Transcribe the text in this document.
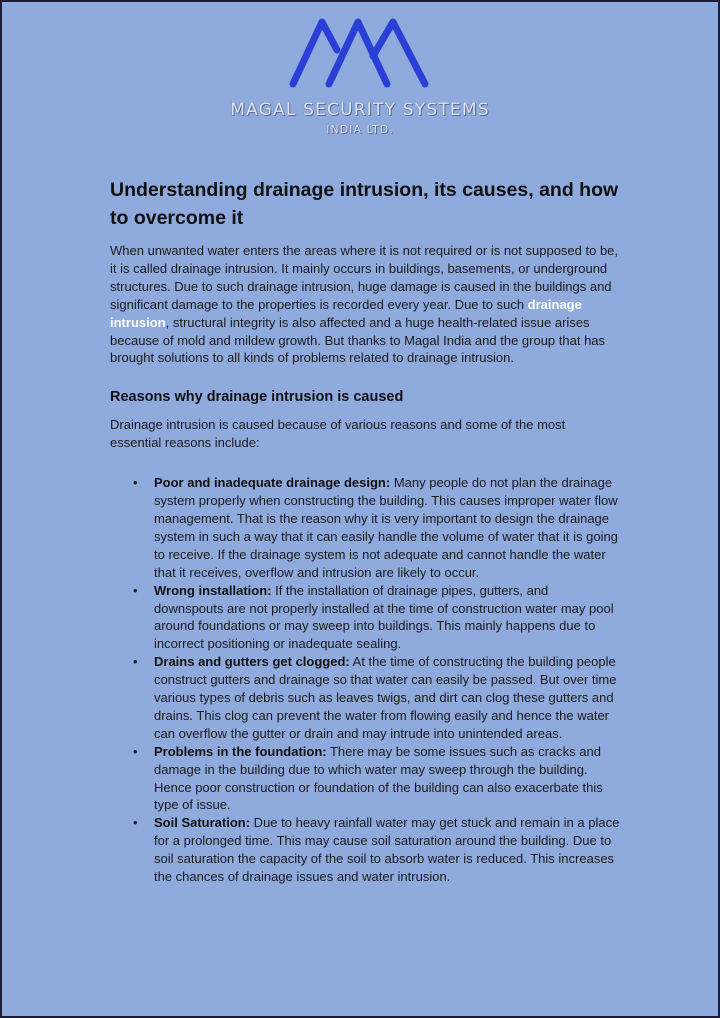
MAGAL SECURITY SYSTEMS
INDIA LTD.
Understanding drainage intrusion, its causes, and how to overcome it

When unwanted water enters the areas where it is not required or is not supposed to be, it is called drainage intrusion. It mainly occurs in buildings, basements, or underground structures. Due to such drainage intrusion, huge damage is caused in the buildings and significant damage to the properties is recorded every year. Due to such drainage intrusion, structural integrity is also affected and a huge health-related issue arises because of mold and mildew growth. But thanks to Magal India and the group that has brought solutions to all kinds of problems related to drainage intrusion.

Reasons why drainage intrusion is caused

Drainage intrusion is caused because of various reasons and some of the most essential reasons include:

• Poor and inadequate drainage design: Many people do not plan the drainage system properly when constructing the building. This causes improper water flow management. That is the reason why it is very important to design the drainage system in such a way that it can easily handle the volume of water that it is going to receive. If the drainage system is not adequate and cannot handle the water that it receives, overflow and intrusion are likely to occur.
• Wrong installation: If the installation of drainage pipes, gutters, and downspouts are not properly installed at the time of construction water may pool around foundations or may sweep into buildings. This mainly happens due to incorrect positioning or inadequate sealing.
• Drains and gutters get clogged: At the time of constructing the building people construct gutters and drainage so that water can easily be passed. But over time various types of debris such as leaves twigs, and dirt can clog these gutters and drains. This clog can prevent the water from flowing easily and hence the water can overflow the gutter or drain and may intrude into unintended areas.
• Problems in the foundation: There may be some issues such as cracks and damage in the building due to which water may sweep through the building. Hence poor construction or foundation of the building can also exacerbate this type of issue.
• Soil Saturation: Due to heavy rainfall water may get stuck and remain in a place for a prolonged time. This may cause soil saturation around the building. Due to soil saturation the capacity of the soil to absorb water is reduced. This increases the chances of drainage issues and water intrusion.
